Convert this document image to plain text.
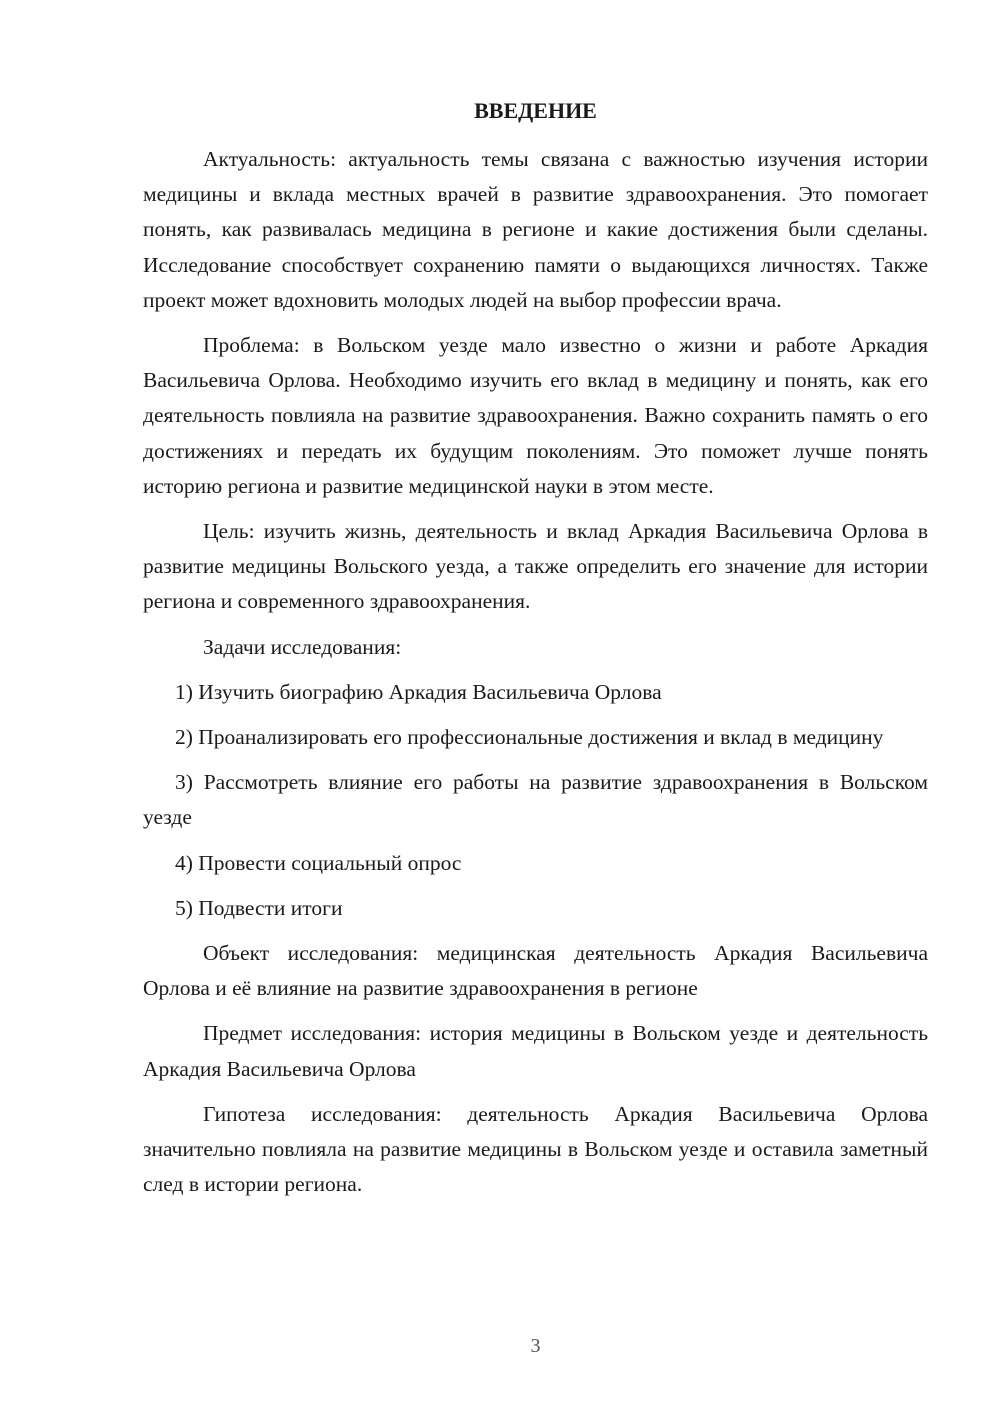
ВВЕДЕНИЕ

Актуальность: актуальность темы связана с важностью изучения истории медицины и вклада местных врачей в развитие здравоохранения. Это помогает понять, как развивалась медицина в регионе и какие достижения были сделаны. Исследование способствует сохранению памяти о выдающихся личностях. Также проект может вдохновить молодых людей на выбор профессии врача.

Проблема: в Вольском уезде мало известно о жизни и работе Аркадия Васильевича Орлова. Необходимо изучить его вклад в медицину и понять, как его деятельность повлияла на развитие здравоохранения. Важно сохранить память о его достижениях и передать их будущим поколениям. Это поможет лучше понять историю региона и развитие медицинской науки в этом месте.

Цель: изучить жизнь, деятельность и вклад Аркадия Васильевича Орлова в развитие медицины Вольского уезда, а также определить его значение для истории региона и современного здравоохранения.

Задачи исследования:

1) Изучить биографию Аркадия Васильевича Орлова

2) Проанализировать его профессиональные достижения и вклад в медицину

3) Рассмотреть влияние его работы на развитие здравоохранения в Вольском уезде

4) Провести социальный опрос

5) Подвести итоги

Объект исследования: медицинская деятельность Аркадия Васильевича Орлова и её влияние на развитие здравоохранения в регионе

Предмет исследования: история медицины в Вольском уезде и деятельность Аркадия Васильевича Орлова

Гипотеза исследования: деятельность Аркадия Васильевича Орлова значительно повлияла на развитие медицины в Вольском уезде и оставила заметный след в истории региона.

3
